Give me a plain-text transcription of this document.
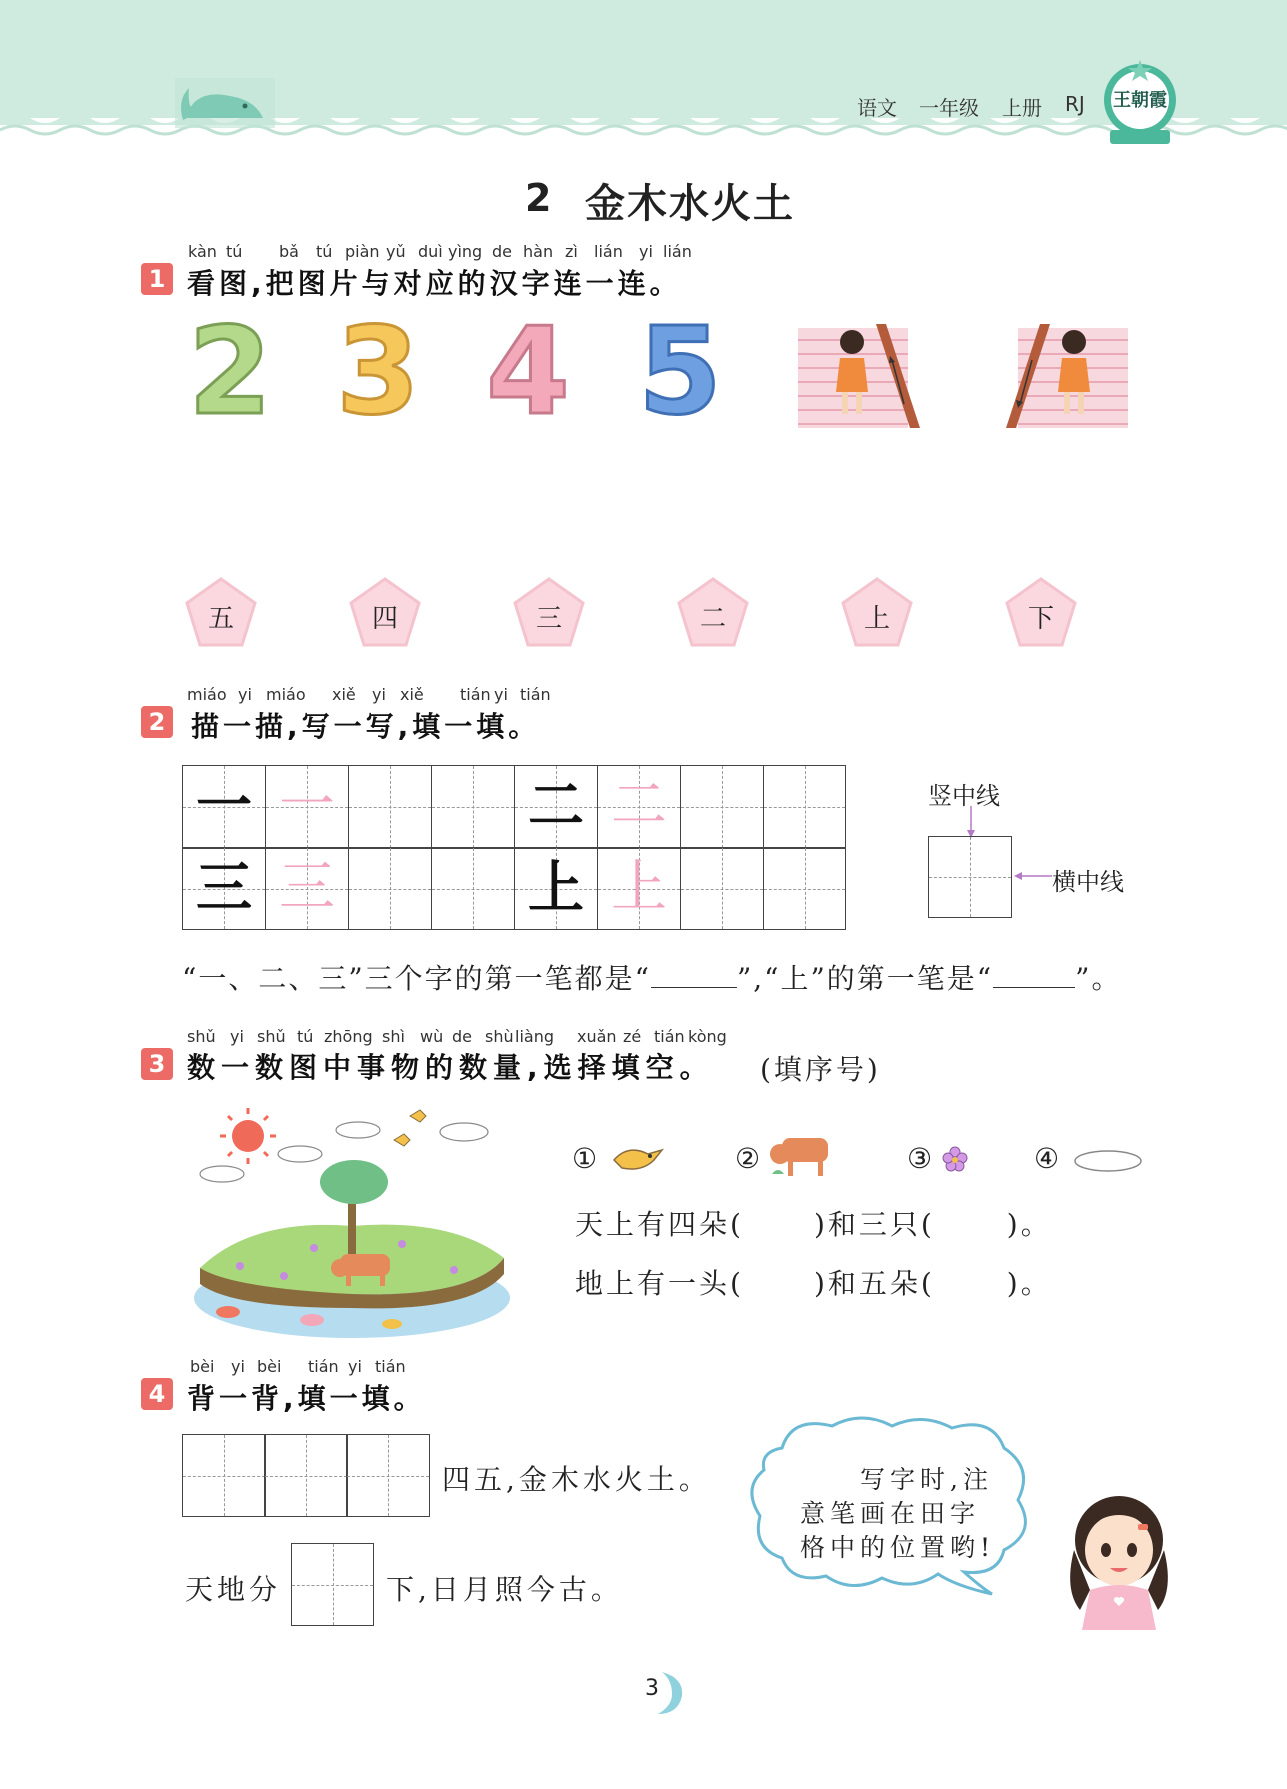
语文 一年级 上册 RJ 王朝霞
2 金木水火土
kàn tú bǎ tú piàn yǔ duì yìng de hàn zì lián yi lián
1 看图,把图片与对应的汉字连一连。
2 3 4 5
五	四	三	二	上	下
miáo yi miáo xiě yi xiě tián yi tián
2 描一描,写一写,填一填。
一 一	二 二
三 三	上 上
竖中线
横中线
“一、二、三”三个字的第一笔都是“	”,“上”的第一笔是“	”。
shǔ yi shǔ tú zhōng shì wù de shù liàng xuǎn zé tián kòng
3 数一数图中事物的数量,选择填空。 (填序号)
①	②	③	④
天上有四朵(	)和三只(	)。
地上有一头(	)和五朵(	)。
bèi yi bèi tián yi tián
4 背一背,填一填。
四五,金木水火土。
天地分	下,日月照今古。
写字时,注
意笔画在田字
格中的位置哟!
3
